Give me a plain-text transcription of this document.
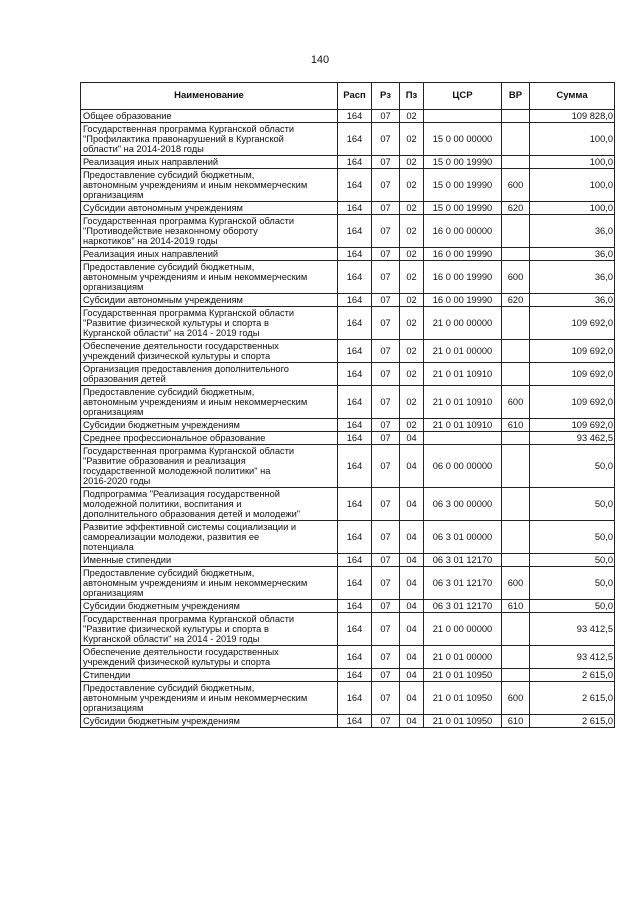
140
Наименование	Расп	Рз	Пз	ЦСР	ВР	Сумма

Общее образование	164	07	02			109 828,0

Государственная программа Курганской области
"Профилактика правонарушений в Курганской
области" на 2014-2018 годы	164	07	02	15 0 00 00000		100,0

Реализация иных направлений	164	07	02	15 0 00 19990		100,0

Предоставление субсидий бюджетным,
автономным учреждениям и иным некоммерческим
организациям	164	07	02	15 0 00 19990	600	100,0

Субсидии автономным учреждениям	164	07	02	15 0 00 19990	620	100,0

Государственная программа Курганской области
"Противодействие незаконному обороту
наркотиков" на 2014-2019 годы	164	07	02	16 0 00 00000		36,0

Реализация иных направлений	164	07	02	16 0 00 19990		36,0

Предоставление субсидий бюджетным,
автономным учреждениям и иным некоммерческим
организациям	164	07	02	16 0 00 19990	600	36,0

Субсидии автономным учреждениям	164	07	02	16 0 00 19990	620	36,0

Государственная программа Курганской области
"Развитие физической культуры и спорта в
Курганской области" на 2014 - 2019 годы	164	07	02	21 0 00 00000		109 692,0

Обеспечение деятельности государственных
учреждений физической культуры и спорта	164	07	02	21 0 01 00000		109 692,0

Организация предоставления дополнительного
образования детей	164	07	02	21 0 01 10910		109 692,0

Предоставление субсидий бюджетным,
автономным учреждениям и иным некоммерческим
организациям	164	07	02	21 0 01 10910	600	109 692,0

Субсидии бюджетным учреждениям	164	07	02	21 0 01 10910	610	109 692,0

Среднее профессиональное образование	164	07	04			93 462,5

Государственная программа Курганской области
"Развитие образования и реализация
государственной молодежной политики" на
2016-2020 годы	164	07	04	06 0 00 00000		50,0

Подпрограмма "Реализация государственной
молодежной политики, воспитания и
дополнительного образования детей и молодежи"	164	07	04	06 3 00 00000		50,0

Развитие эффективной системы социализации и
самореализации молодежи, развития ее
потенциала	164	07	04	06 3 01 00000		50,0

Именные стипендии	164	07	04	06 3 01 12170		50,0

Предоставление субсидий бюджетным,
автономным учреждениям и иным некоммерческим
организациям	164	07	04	06 3 01 12170	600	50,0

Субсидии бюджетным учреждениям	164	07	04	06 3 01 12170	610	50,0

Государственная программа Курганской области
"Развитие физической культуры и спорта в
Курганской области" на 2014 - 2019 годы	164	07	04	21 0 00 00000		93 412,5

Обеспечение деятельности государственных
учреждений физической культуры и спорта	164	07	04	21 0 01 00000		93 412,5

Стипендии	164	07	04	21 0 01 10950		2 615,0

Предоставление субсидий бюджетным,
автономным учреждениям и иным некоммерческим
организациям	164	07	04	21 0 01 10950	600	2 615,0

Субсидии бюджетным учреждениям	164	07	04	21 0 01 10950	610	2 615,0
